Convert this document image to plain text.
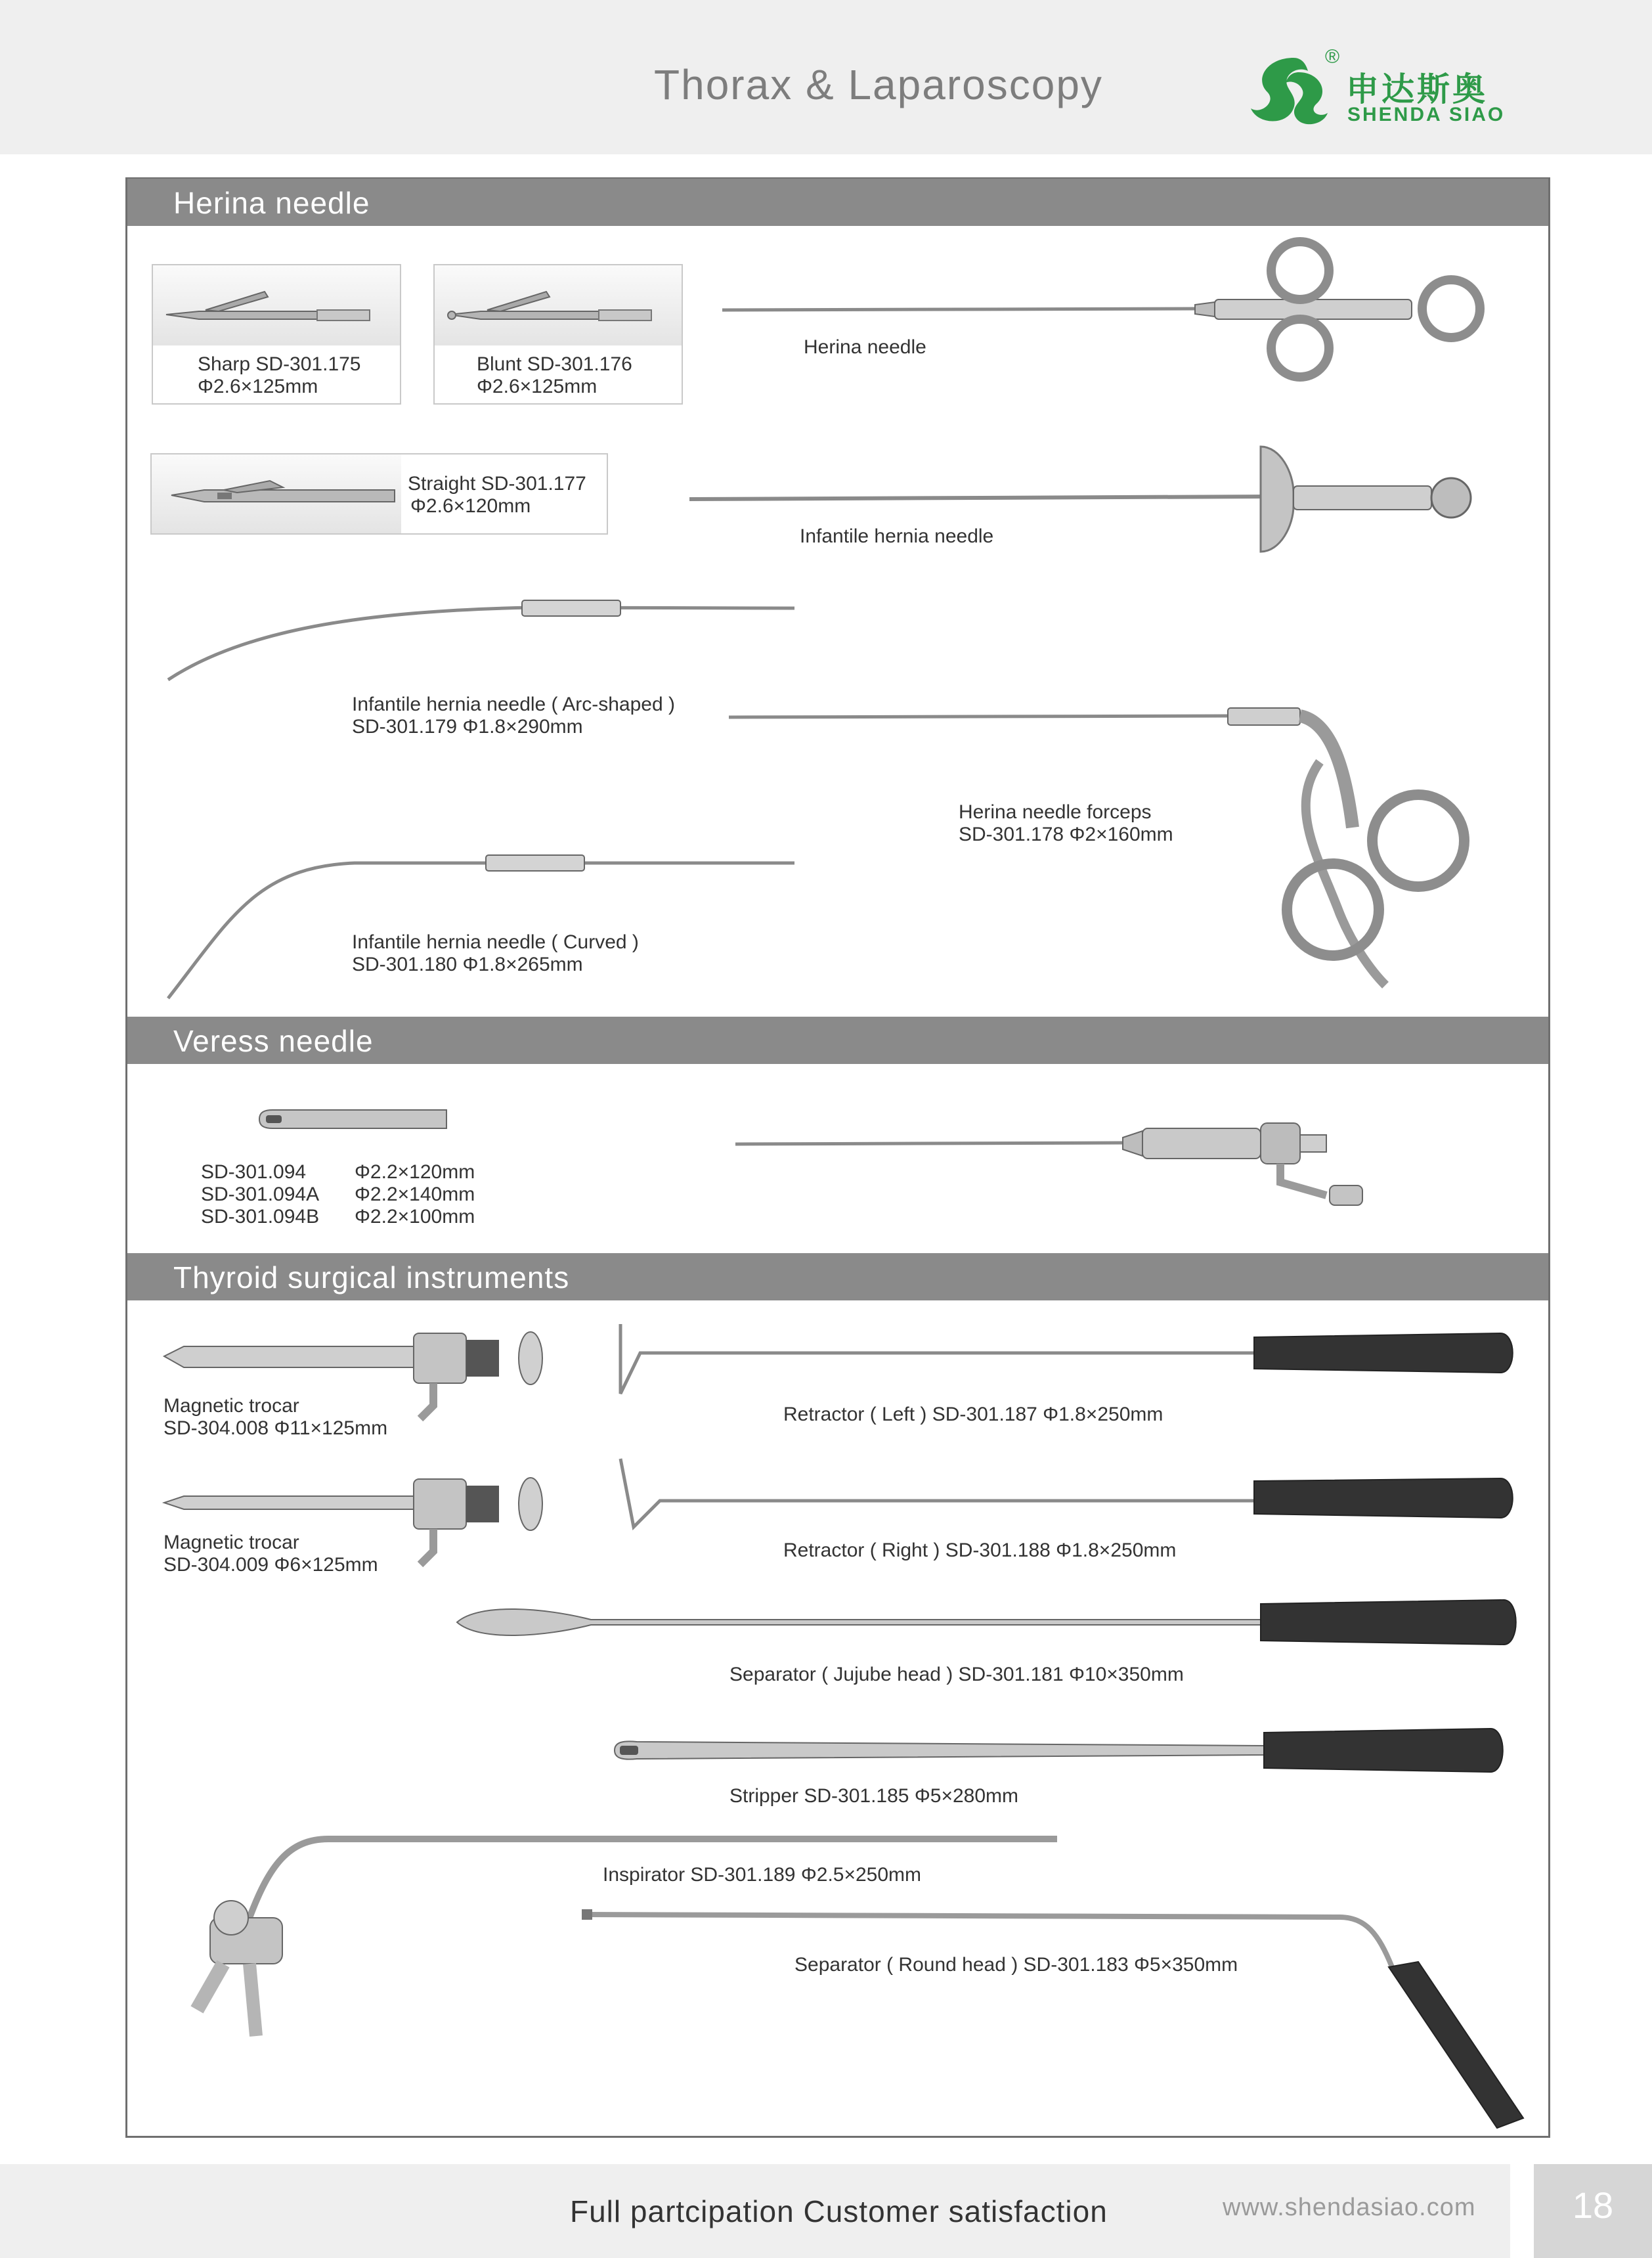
Thorax & Laparoscopy
®
申达斯奥
SHENDA SIAO
Herina needle
Sharp SD-301.175
Φ2.6×125mm
Blunt SD-301.176
Φ2.6×125mm
Straight SD-301.177
Φ2.6×120mm
Herina needle
Infantile hernia needle
Infantile hernia needle ( Arc-shaped )
SD-301.179 Φ1.8×290mm
Herina needle forceps
SD-301.178 Φ2×160mm
Infantile hernia needle ( Curved )
SD-301.180 Φ1.8×265mm
Veress needle
SD-301.094
SD-301.094A
SD-301.094B
Φ2.2×120mm
Φ2.2×140mm
Φ2.2×100mm
Thyroid surgical instruments
Magnetic trocar
SD-304.008 Φ11×125mm
Magnetic trocar
SD-304.009 Φ6×125mm
Retractor ( Left ) SD-301.187 Φ1.8×250mm
Retractor ( Right ) SD-301.188 Φ1.8×250mm
Separator ( Jujube head ) SD-301.181 Φ10×350mm
Stripper SD-301.185 Φ5×280mm
Inspirator SD-301.189 Φ2.5×250mm
Separator ( Round head ) SD-301.183 Φ5×350mm
18
Full partcipation Customer satisfaction	www.shendasiao.com
